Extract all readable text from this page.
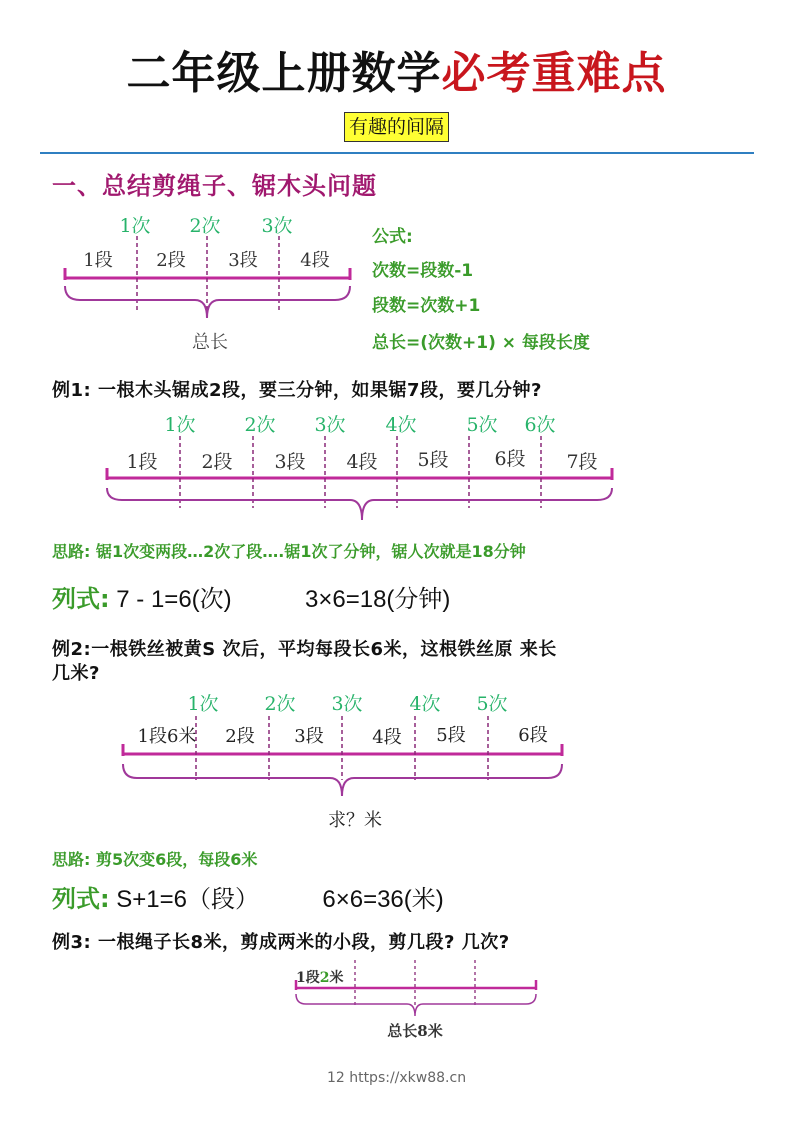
二年级上册数学必考重难点
有趣的间隔
一、总结剪绳子、锯木头问题
1次 2次 3次
1段 2段 3段 4段
总长
公式:
次数=段数-1
段数=次数+1
总长=(次数+1) × 每段长度
例1: 一根木头锯成2段，要三分钟，如果锯7段，要几分钟?
1次	2次 3次 4次	5次 6次
1段 2段 3段 4段 5段 6段 7段
思路: 锯1次变两段…2次了段….锯1次了分钟，锯人次就是18分钟
列式: 7 - 1=6(次)	3×6=18(分钟)
例2:一根铁丝被黄S 次后，平均每段长6米，这根铁丝原 来长
几米?
1次 2次 3次 4次 5次
1段6米 2段 3段	4段 5段	6段
求？米
思路: 剪5次变6段，每段6米
列式: S+1=6（段）	6×6=36(米)
例3: 一根绳子长8米，剪成两米的小段，剪几段? 几次?
1段2米
总长8米
12 https://xkw88.cn
